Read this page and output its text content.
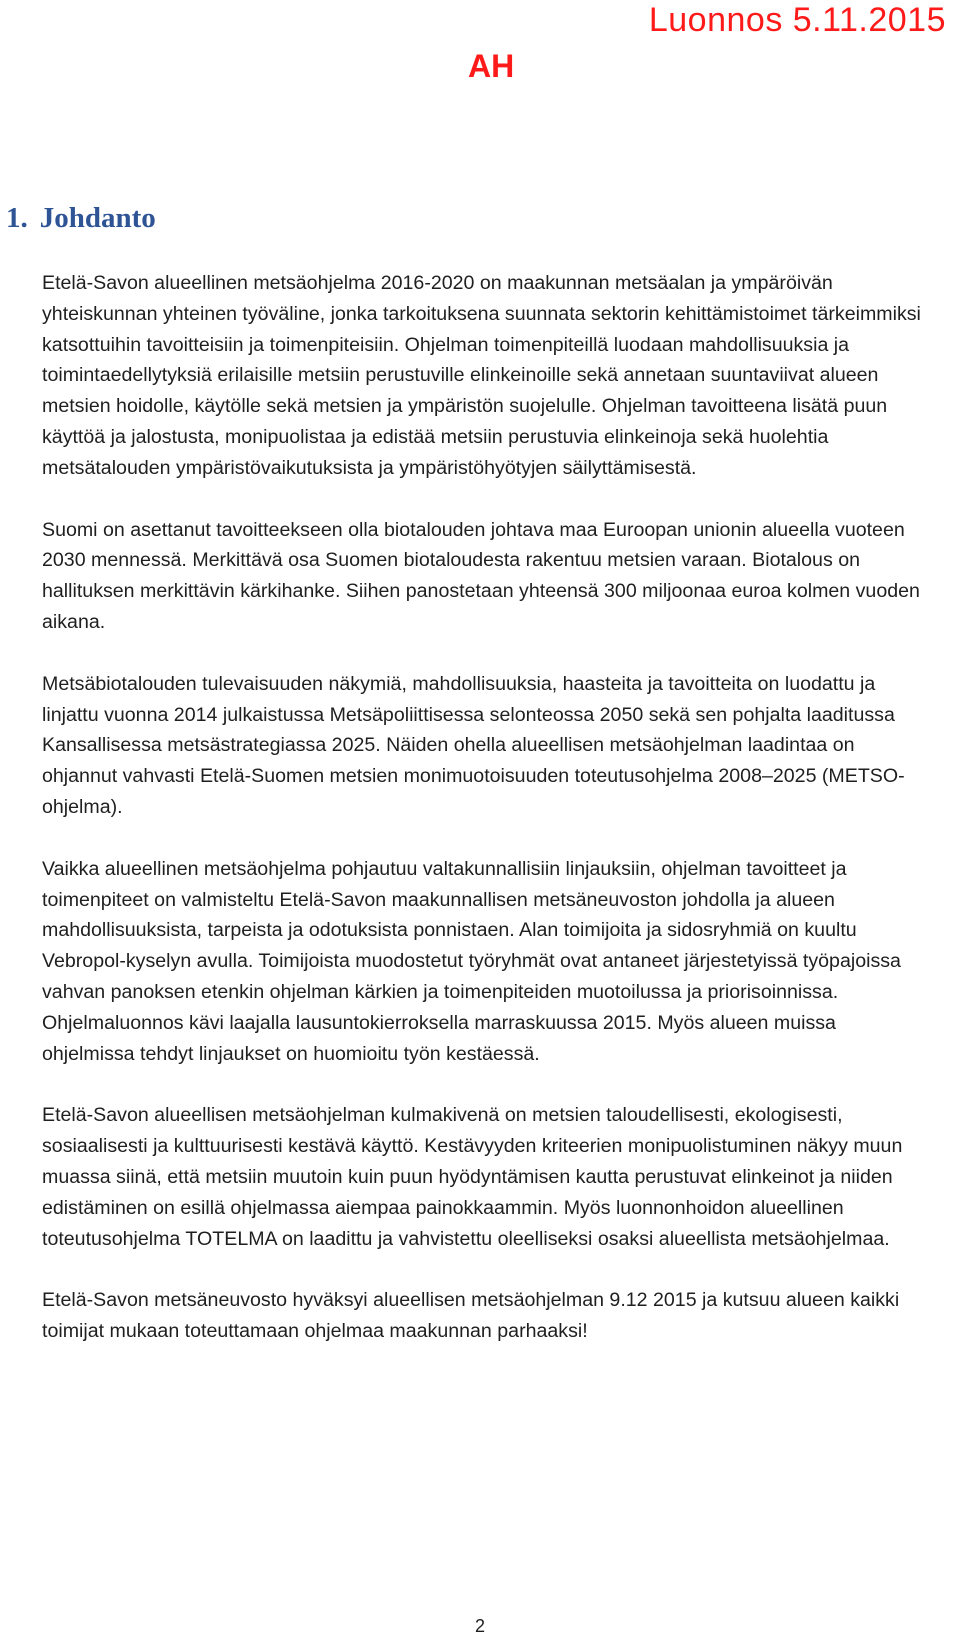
Luonnos 5.11.2015
AH
1. Johdanto

Etelä-Savon alueellinen metsäohjelma 2016-2020 on maakunnan metsäalan ja ympäröivän yhteiskunnan yhteinen työväline, jonka tarkoituksena suunnata sektorin kehittämistoimet tärkeimmiksi katsottuihin tavoitteisiin ja toimenpiteisiin. Ohjelman toimenpiteillä luodaan mahdollisuuksia ja toimintaedellytyksiä erilaisille metsiin perustuville elinkeinoille sekä annetaan suuntaviivat alueen metsien hoidolle, käytölle sekä metsien ja ympäristön suojelulle. Ohjelman tavoitteena lisätä puun käyttöä ja jalostusta, monipuolistaa ja edistää metsiin perustuvia elinkeinoja sekä huolehtia metsätalouden ympäristövaikutuksista ja ympäristöhyötyjen säilyttämisestä.

Suomi on asettanut tavoitteekseen olla biotalouden johtava maa Euroopan unionin alueella vuoteen 2030 mennessä. Merkittävä osa Suomen biotaloudesta rakentuu metsien varaan. Biotalous on hallituksen merkittävin kärkihanke. Siihen panostetaan yhteensä 300 miljoonaa euroa kolmen vuoden aikana.

Metsäbiotalouden tulevaisuuden näkymiä, mahdollisuuksia, haasteita ja tavoitteita on luodattu ja linjattu vuonna 2014 julkaistussa Metsäpoliittisessa selonteossa 2050 sekä sen pohjalta laaditussa Kansallisessa metsästrategiassa 2025. Näiden ohella alueellisen metsäohjelman laadintaa on ohjannut vahvasti Etelä-Suomen metsien monimuotoisuuden toteutusohjelma 2008–2025 (METSO-ohjelma).

Vaikka alueellinen metsäohjelma pohjautuu valtakunnallisiin linjauksiin, ohjelman tavoitteet ja toimenpiteet on valmisteltu Etelä-Savon maakunnallisen metsäneuvoston johdolla ja alueen mahdollisuuksista, tarpeista ja odotuksista ponnistaen. Alan toimijoita ja sidosryhmiä on kuultu Vebropol-kyselyn avulla. Toimijoista muodostetut työryhmät ovat antaneet järjestetyissä työpajoissa vahvan panoksen etenkin ohjelman kärkien ja toimenpiteiden muotoilussa ja priorisoinnissa. Ohjelmaluonnos kävi laajalla lausuntokierroksella marraskuussa 2015. Myös alueen muissa ohjelmissa tehdyt linjaukset on huomioitu työn kestäessä.

Etelä-Savon alueellisen metsäohjelman kulmakivenä on metsien taloudellisesti, ekologisesti, sosiaalisesti ja kulttuurisesti kestävä käyttö. Kestävyyden kriteerien monipuolistuminen näkyy muun muassa siinä, että metsiin muutoin kuin puun hyödyntämisen kautta perustuvat elinkeinot ja niiden edistäminen on esillä ohjelmassa aiempaa painokkaammin. Myös luonnonhoidon alueellinen toteutusohjelma TOTELMA on laadittu ja vahvistettu oleelliseksi osaksi alueellista metsäohjelmaa.

Etelä-Savon metsäneuvosto hyväksyi alueellisen metsäohjelman 9.12 2015 ja kutsuu alueen kaikki toimijat mukaan toteuttamaan ohjelmaa maakunnan parhaaksi!

2
